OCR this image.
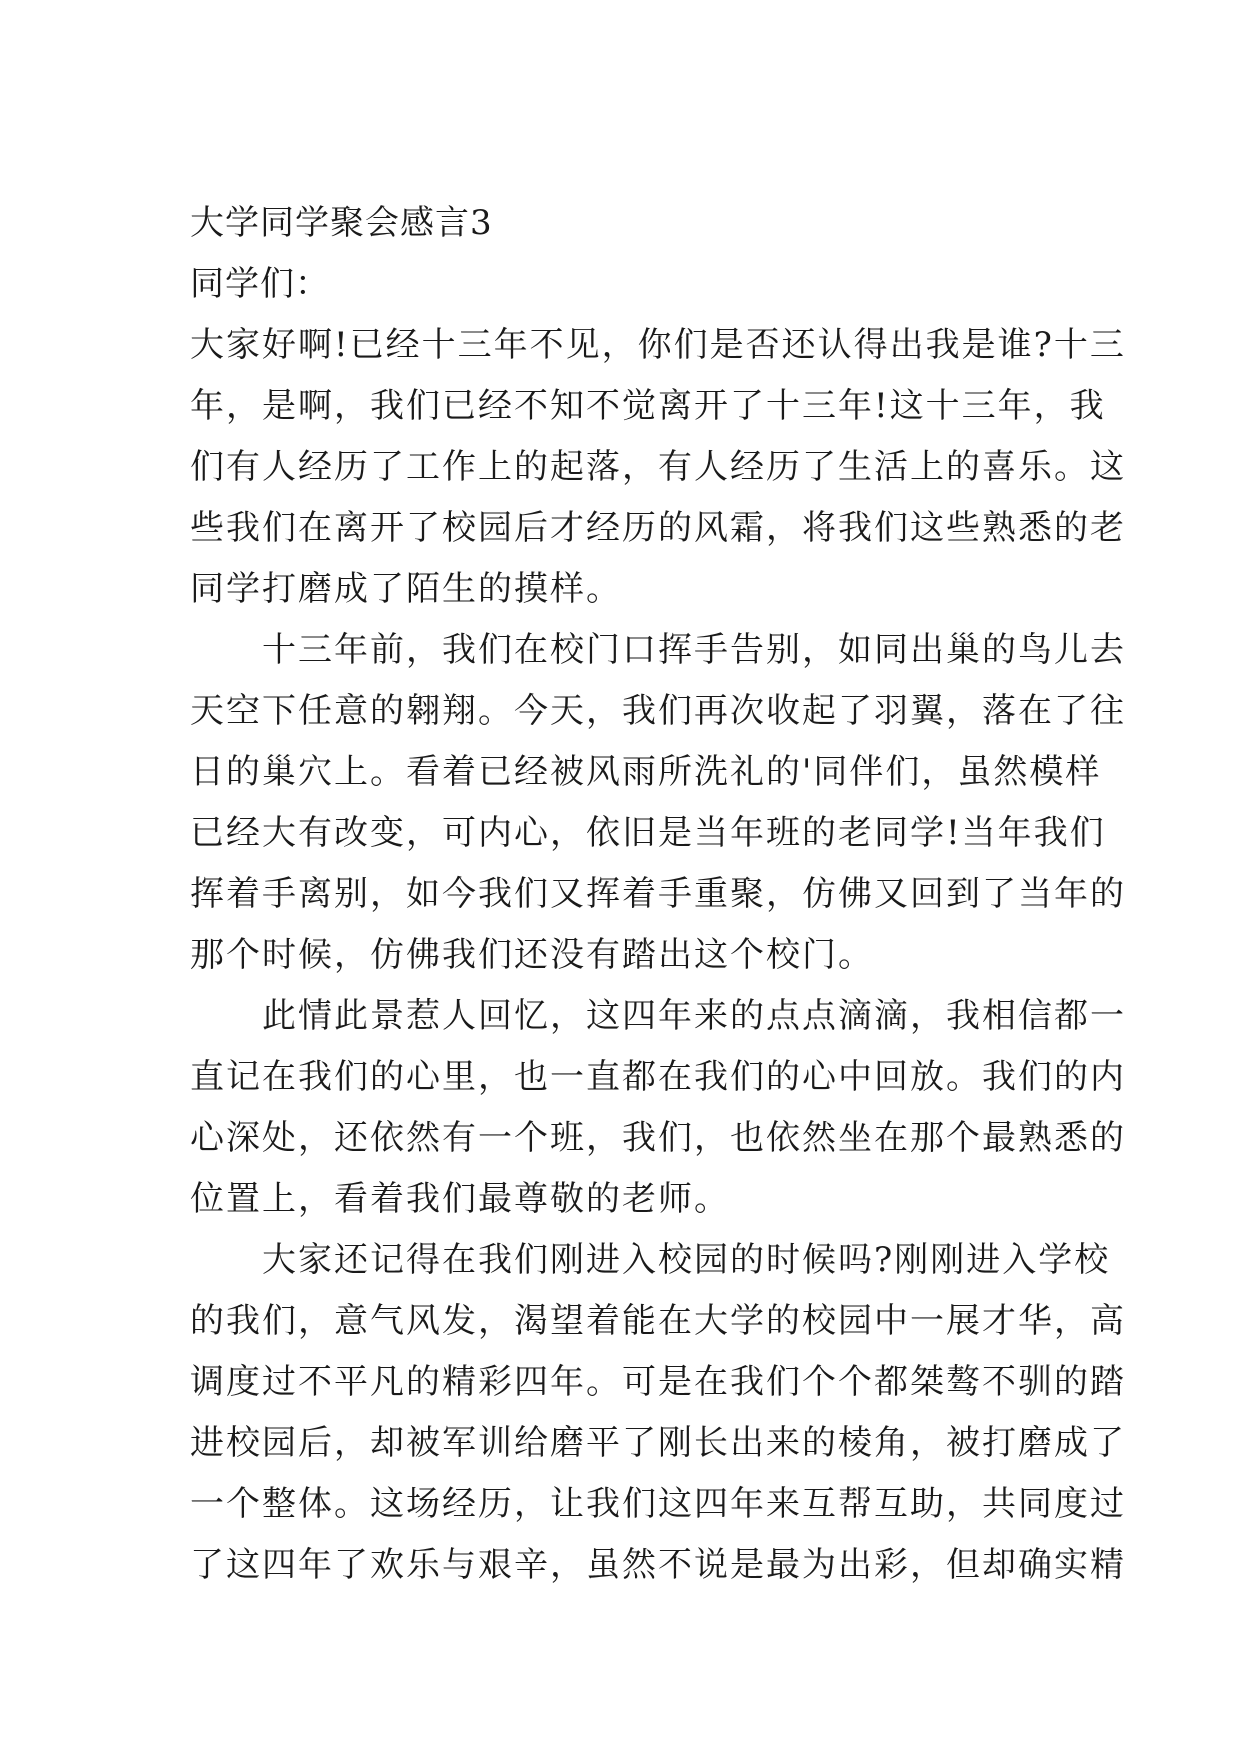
大学同学聚会感言3
同学们：
大家好啊!已经十三年不见，你们是否还认得出我是谁?十三
年，是啊，我们已经不知不觉离开了十三年!这十三年，我
们有人经历了工作上的起落，有人经历了生活上的喜乐。这
些我们在离开了校园后才经历的风霜，将我们这些熟悉的老
同学打磨成了陌生的摸样。
　　十三年前，我们在校门口挥手告别，如同出巢的鸟儿去
天空下任意的翱翔。今天，我们再次收起了羽翼，落在了往
日的巢穴上。看着已经被风雨所洗礼的'同伴们，虽然模样
已经大有改变，可内心，依旧是当年班的老同学!当年我们
挥着手离别，如今我们又挥着手重聚，仿佛又回到了当年的
那个时候，仿佛我们还没有踏出这个校门。
　　此情此景惹人回忆，这四年来的点点滴滴，我相信都一
直记在我们的心里，也一直都在我们的心中回放。我们的内
心深处，还依然有一个班，我们，也依然坐在那个最熟悉的
位置上，看着我们最尊敬的老师。
　　大家还记得在我们刚进入校园的时候吗?刚刚进入学校
的我们，意气风发，渴望着能在大学的校园中一展才华，高
调度过不平凡的精彩四年。可是在我们个个都桀骜不驯的踏
进校园后，却被军训给磨平了刚长出来的棱角，被打磨成了
一个整体。这场经历，让我们这四年来互帮互助，共同度过
了这四年了欢乐与艰辛，虽然不说是最为出彩，但却确实精
